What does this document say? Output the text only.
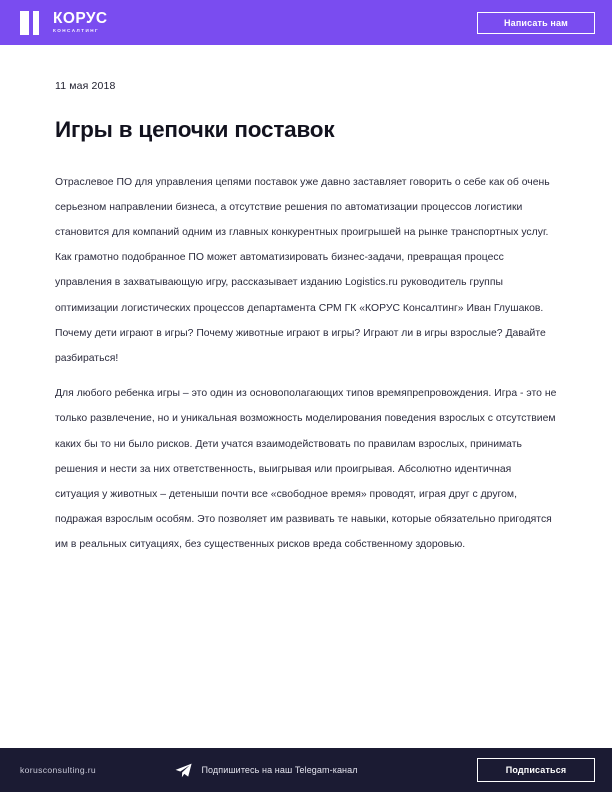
КОРУС
КОНСАЛТИНГ
Написать нам
11 мая 2018
Игры в цепочки поставок

Отраслевое ПО для управления цепями поставок уже давно заставляет говорить о себе как об очень серьезном направлении бизнеса, а отсутствие решения по автоматизации процессов логистики становится для компаний одним из главных конкурентных проигрышей на рынке транспортных услуг. Как грамотно подобранное ПО может автоматизировать бизнес-задачи, превращая процесс управления в захватывающую игру, рассказывает изданию Logistics.ru руководитель группы оптимизации логистических процессов департамента СРМ ГК «КОРУС Консалтинг» Иван Глушаков. Почему дети играют в игры? Почему животные играют в игры? Играют ли в игры взрослые? Давайте разбираться!

Для любого ребенка игры – это один из основополагающих типов времяпрепровождения. Игра - это не только развлечение, но и уникальная возможность моделирования поведения взрослых с отсутствием каких бы то ни было рисков. Дети учатся взаимодействовать по правилам взрослых, принимать решения и нести за них ответственность, выигрывая или проигрывая. Абсолютно идентичная ситуация у животных – детеныши почти все «свободное время» проводят, играя друг с другом, подражая взрослым особям. Это позволяет им развивать те навыки, которые обязательно пригодятся им в реальных ситуациях, без существенных рисков вреда собственному здоровью.

korusconsulting.ru	Подпишитесь на наш Telegam-канал	Подписаться
